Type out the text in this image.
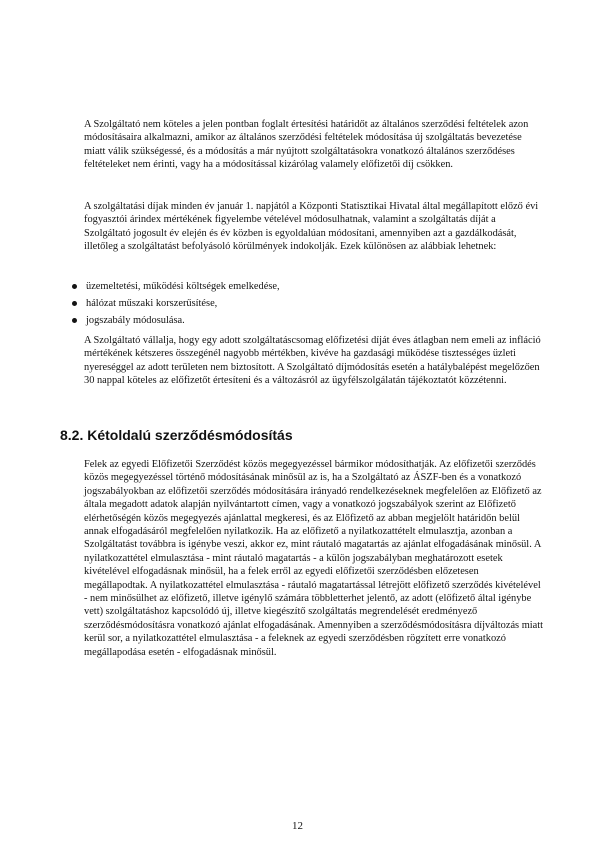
A Szolgáltató nem köteles a jelen pontban foglalt értesítési határidőt az általános szerződési feltételek azon módosításaira alkalmazni, amikor az általános szerződési feltételek módosítása új szolgáltatás bevezetése miatt válik szükségessé, és a módosítás a már nyújtott szolgáltatásokra vonatkozó általános szerződéses feltételeket nem érinti, vagy ha a módosítással kizárólag valamely előfizetői díj csökken.

A szolgáltatási díjak minden év január 1. napjától a Központi Statisztikai Hivatal által megállapított előző évi fogyasztói árindex mértékének figyelembe vételével módosulhatnak, valamint a szolgáltatás díját a Szolgáltató jogosult év elején és év közben is egyoldalúan módosítani, amennyiben azt a gazdálkodását, illetőleg a szolgáltatást befolyásoló körülmények indokolják. Ezek különösen az alábbiak lehetnek:

üzemeltetési, működési költségek emelkedése,
hálózat műszaki korszerűsítése,
jogszabály módosulása.

A Szolgáltató vállalja, hogy egy adott szolgáltatáscsomag előfizetési díját éves átlagban nem emeli az infláció mértékének kétszeres összegénél nagyobb mértékben, kivéve ha gazdasági működése tisztességes üzleti nyereséggel az adott területen nem biztosított. A Szolgáltató díjmódosítás esetén a hatálybalépést megelőzően 30 nappal köteles az előfizetőt értesíteni és a változásról az ügyfélszolgálatán tájékoztatót közzétenni.

8.2. Kétoldalú szerződésmódosítás

Felek az egyedi Előfizetői Szerződést közös megegyezéssel bármikor módosíthatják. Az előfizetői szerződés közös megegyezéssel történő módosításának minősül az is, ha a Szolgáltató az ÁSZF-ben és a vonatkozó jogszabályokban az előfizetői szerződés módosítására irányadó rendelkezéseknek megfelelően az Előfizető az általa megadott adatok alapján nyilvántartott címen, vagy a vonatkozó jogszabályok szerint az Előfizető elérhetőségén közös megegyezés ajánlattal megkeresi, és az Előfizető az abban megjelölt határidőn belül annak elfogadásáról megfelelően nyilatkozik. Ha az előfizető a nyilatkozattételt elmulasztja, azonban a Szolgáltatást továbbra is igénybe veszi, akkor ez, mint ráutaló magatartás az ajánlat elfogadásának minősül. A nyilatkozattétel elmulasztása - mint ráutaló magatartás - a külön jogszabályban meghatározott esetek kivételével elfogadásnak minősül, ha a felek erről az egyedi előfizetői szerződésben előzetesen megállapodtak. A nyilatkozattétel elmulasztása - ráutaló magatartással létrejött előfizető szerződés kivételével - nem minősülhet az előfizető, illetve igénylő számára többletterhet jelentő, az adott (előfizető által igénybe vett) szolgáltatáshoz kapcsolódó új, illetve kiegészítő szolgáltatás megrendelését eredményező szerződésmódosításra vonatkozó ajánlat elfogadásának. Amennyiben a szerződésmódosításra díjváltozás miatt kerül sor, a nyilatkozattétel elmulasztása - a feleknek az egyedi szerződésben rögzített erre vonatkozó megállapodása esetén - elfogadásnak minősül.

12
